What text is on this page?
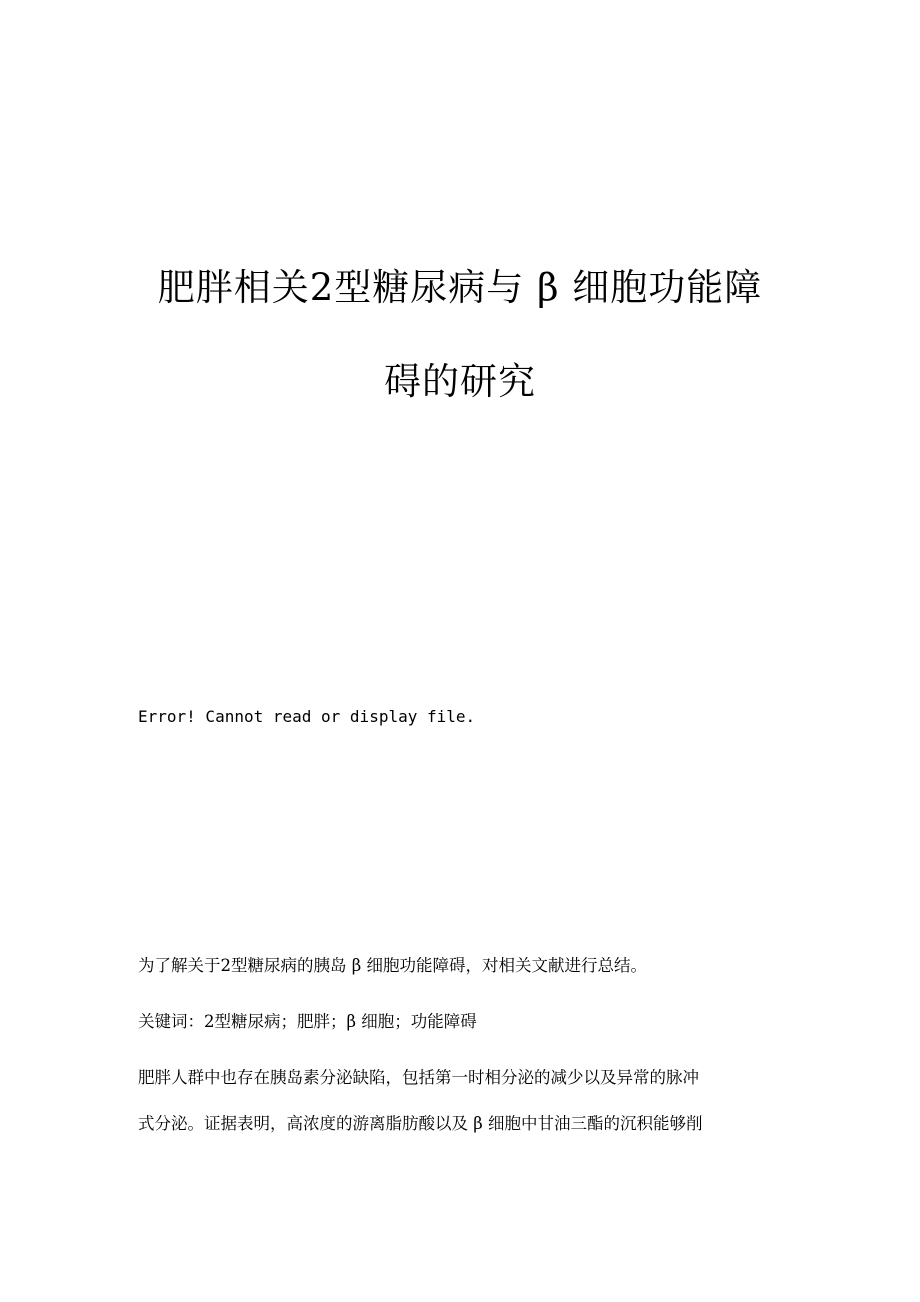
肥胖相关2型糖尿病与 β 细胞功能障
碍的研究
Error! Cannot read or display file.
为了解关于2型糖尿病的胰岛 β 细胞功能障碍，对相关文献进行总结。
关键词：2型糖尿病；肥胖；β 细胞；功能障碍
肥胖人群中也存在胰岛素分泌缺陷，包括第一时相分泌的减少以及异常的脉冲
式分泌。证据表明，高浓度的游离脂肪酸以及 β 细胞中甘油三酯的沉积能够削
